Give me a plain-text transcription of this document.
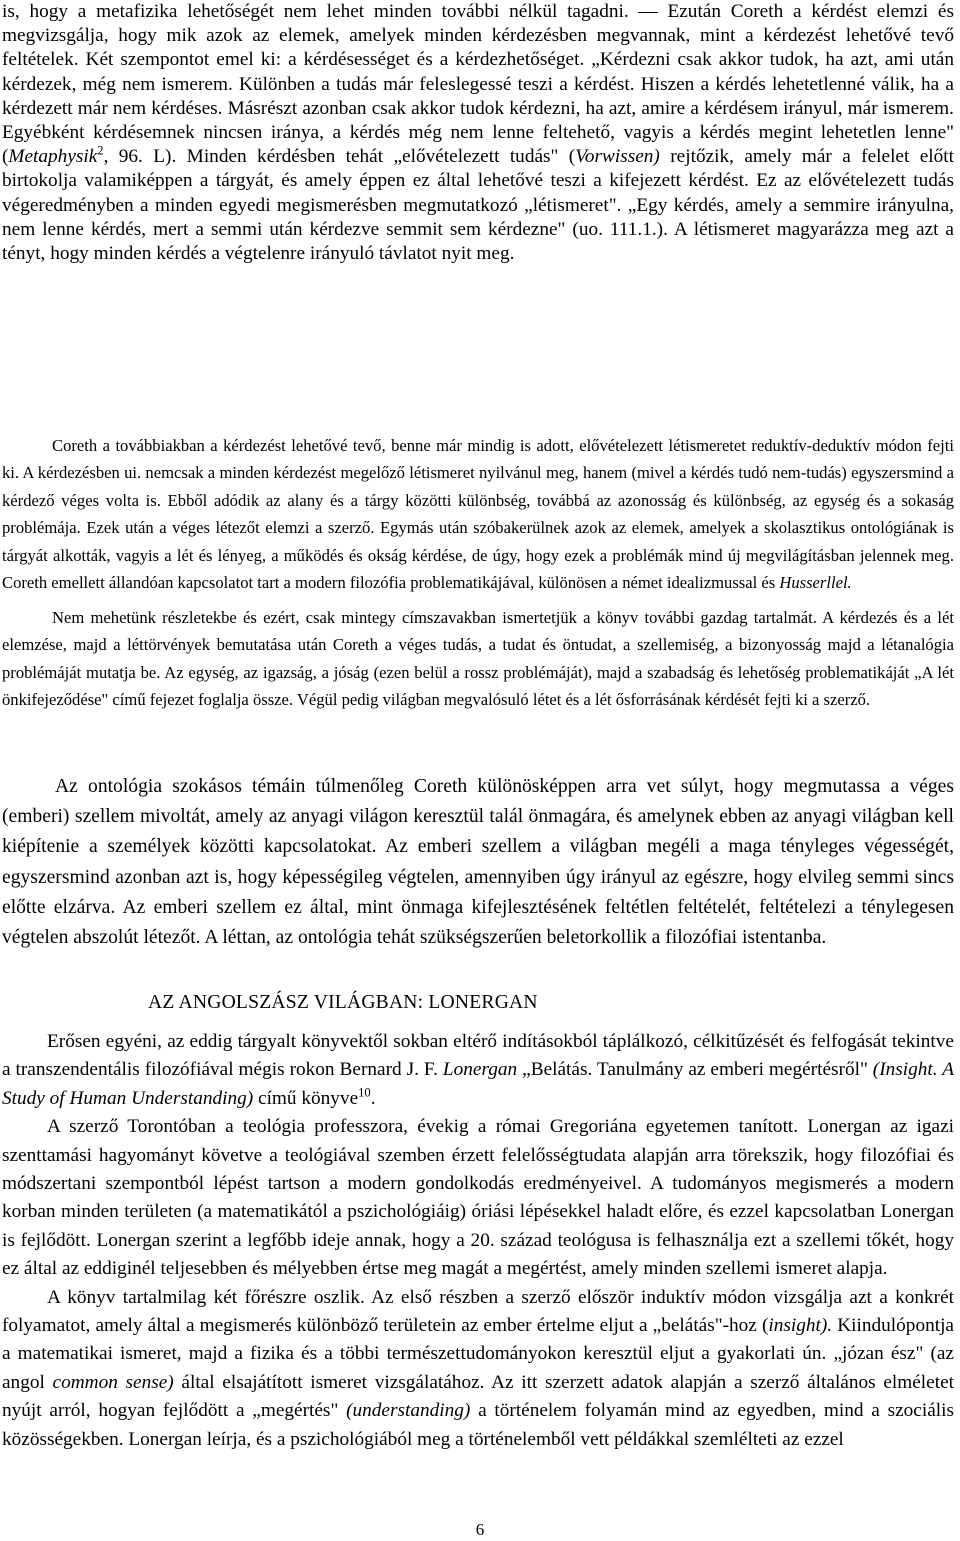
is, hogy a metafizika lehetőségét nem lehet minden további nélkül tagadni. — Ezután Coreth a kérdést elemzi és megvizsgálja, hogy mik azok az elemek, amelyek minden kérdezésben megvannak, mint a kérdezést lehetővé tevő feltételek. Két szempontot emel ki: a kérdésességet és a kérdezhetőséget. „Kérdezni csak akkor tudok, ha azt, ami után kérdezek, még nem ismerem. Különben a tudás már feleslegessé teszi a kérdést. Hiszen a kérdés lehetetlenné válik, ha a kérdezett már nem kérdéses. Másrészt azonban csak akkor tudok kérdezni, ha azt, amire a kérdésem irányul, már ismerem. Egyébként kérdésemnek nincsen iránya, a kérdés még nem lenne feltehető, vagyis a kérdés megint lehetetlen lenne" (Metaphysik$^2$, 96. L). Minden kérdésben tehát „elővételezett tudás" (Vorwissen) rejtőzik, amely már a felelet előtt birtokolja valamiképpen a tárgyát, és amely éppen ez által lehetővé teszi a kifejezett kérdést. Ez az elővételezett tudás végeredményben a minden egyedi megismerésben megmutatkozó „létismeret". „Egy kérdés, amely a semmire irányulna, nem lenne kérdés, mert a semmi után kérdezve semmit sem kérdezne" (uo. 111.1.). A létismeret magyarázza meg azt a tényt, hogy minden kérdés a végtelenre irányuló távlatot nyit meg.

Coreth a továbbiakban a kérdezést lehetővé tevő, benne már mindig is adott, elővételezett létismeretet reduktív-deduktív módon fejti ki. A kérdezésben ui. nemcsak a minden kérdezést megelőző létismeret nyilvánul meg, hanem (mivel a kérdés tudó nem-tudás) egyszersmind a kérdező véges volta is. Ebből adódik az alany és a tárgy közötti különbség, továbbá az azonosság és különbség, az egység és a sokaság problémája. Ezek után a véges létezőt elemzi a szerző. Egymás után szóbakerülnek azok az elemek, amelyek a skolasztikus ontológiának is tárgyát alkották, vagyis a lét és lényeg, a működés és okság kérdése, de úgy, hogy ezek a problémák mind új megvilágításban jelennek meg. Coreth emellett állandóan kapcsolatot tart a modern filozófia problematikájával, különösen a német idealizmussal és Husserllel.

Nem mehetünk részletekbe és ezért, csak mintegy címszavakban ismertetjük a könyv további gazdag tartalmát. A kérdezés és a lét elemzése, majd a léttörvények bemutatása után Coreth a véges tudás, a tudat és öntudat, a szellemiség, a bizonyosság majd a létanalógia problémáját mutatja be. Az egység, az igazság, a jóság (ezen belül a rossz problémáját), majd a szabadság és lehetőség problematikáját „A lét önkifejeződése" című fejezet foglalja össze. Végül pedig világban megvalósuló létet és a lét ősforrásának kérdését fejti ki a szerző.

Az ontológia szokásos témáin túlmenőleg Coreth különösképpen arra vet súlyt, hogy megmutassa a véges (emberi) szellem mivoltát, amely az anyagi világon keresztül talál önmagára, és amelynek ebben az anyagi világban kell kiépítenie a személyek közötti kapcsolatokat. Az emberi szellem a világban megéli a maga tényleges végességét, egyszersmind azonban azt is, hogy képességileg végtelen, amennyiben úgy irányul az egészre, hogy elvileg semmi sincs előtte elzárva. Az emberi szellem ez által, mint önmaga kifejlesztésének feltétlen feltételét, feltételezi a ténylegesen végtelen abszolút létezőt. A léttan, az ontológia tehát szükségszerűen beletorkollik a filozófiai istentanba.

AZ ANGOLSZÁSZ VILÁGBAN: LONERGAN

Erősen egyéni, az eddig tárgyalt könyvektől sokban eltérő indításokból táplálkozó, célkitűzését és felfogását tekintve a transzendentális filozófiával mégis rokon Bernard J. F. Lonergan „Belátás. Tanulmány az emberi megértésről" (Insight. A Study of Human Understanding) című könyve$^{10}$.

A szerző Torontóban a teológia professzora, évekig a római Gregoriána egyetemen tanított. Lonergan az igazi szenttamási hagyományt követve a teológiával szemben érzett felelősségtudata alapján arra törekszik, hogy filozófiai és módszertani szempontból lépést tartson a modern gondolkodás eredményeivel. A tudományos megismerés a modern korban minden területen (a matematikától a pszichológiáig) óriási lépésekkel haladt előre, és ezzel kapcsolatban Lonergan is fejlődött. Lonergan szerint a legfőbb ideje annak, hogy a 20. század teológusa is felhasználja ezt a szellemi tőkét, hogy ez által az eddiginél teljesebben és mélyebben értse meg magát a megértést, amely minden szellemi ismeret alapja.

A könyv tartalmilag két főrészre oszlik. Az első részben a szerző először induktív módon vizsgálja azt a konkrét folyamatot, amely által a megismerés különböző területein az ember értelme eljut a „belátás"-hoz (insight). Kiindulópontja a matematikai ismeret, majd a fizika és a többi természettudományokon keresztül eljut a gyakorlati ún. „józan ész" (az angol common sense) által elsajátított ismeret vizsgálatához. Az itt szerzett adatok alapján a szerző általános elméletet nyújt arról, hogyan fejlődött a „megértés" (understanding) a történelem folyamán mind az egyedben, mind a szociális közösségekben. Lonergan leírja, és a pszichológiából meg a történelemből vett példákkal szemlélteti az ezzel

6
